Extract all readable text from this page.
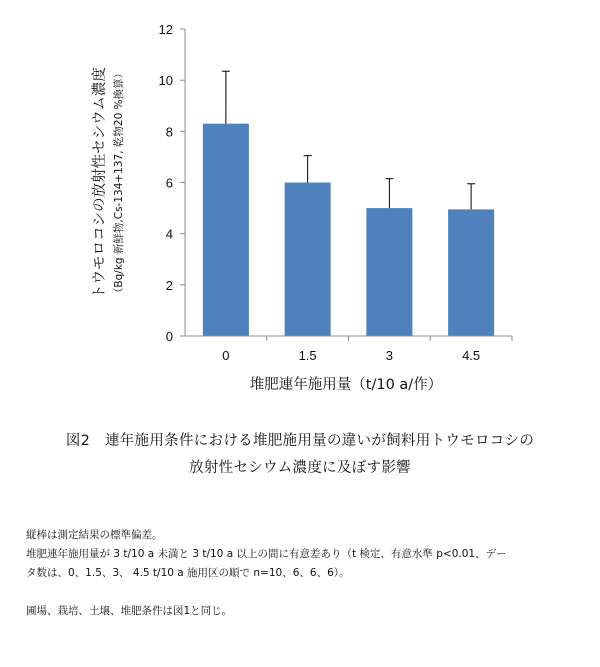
トウモロコシの放射性セシウム濃度 （Bq/kg 新鮮物,Cs-134+137, 乾物20 %換算）
0
2
4
6
8
10
12
0	1.5	3	4.5
堆肥連年施用量（t/10 a/作）
図2　連年施用条件における堆肥施用量の違いが飼料用トウモロコシの
放射性セシウム濃度に及ぼす影響
縦棒は測定結果の標準偏差。
堆肥連年施用量が 3 t/10 a 未満と 3 t/10 a 以上の間に有意差あり（t 検定、有意水準 p<0.01、デー
タ数は、0、1.5、3、 4.5 t/10 a 施用区の順で n=10、6、6、6）。
圃場、栽培、土壌、堆肥条件は図1と同じ。
